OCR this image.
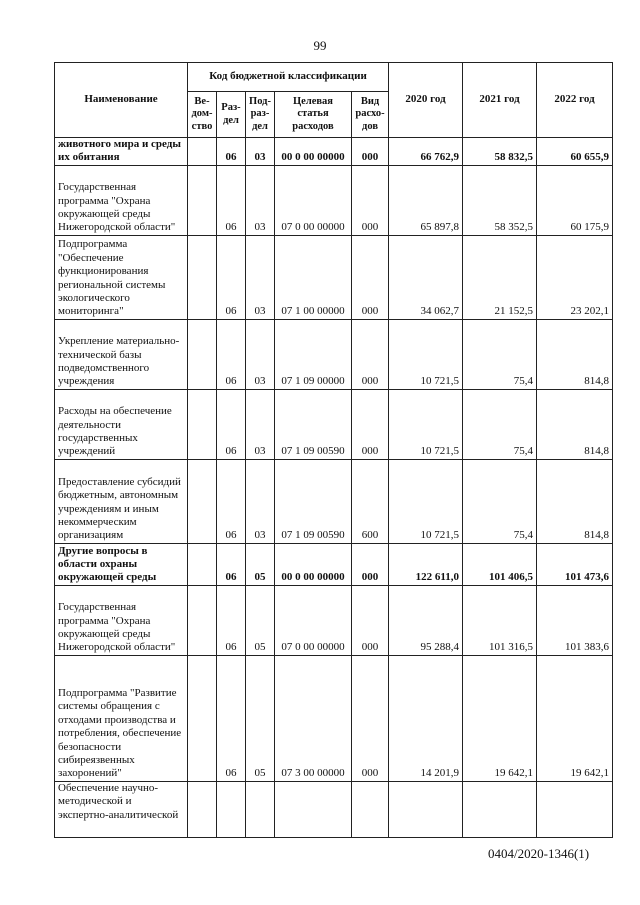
99
Наименование	Код бюджетной классификации					2020 год	2021 год	2022 год
	Ве-дом-ство	Раз-дел	Под-раз-дел	Целевая статья расходов	Вид расхо-дов			
животного мира и среды их обитания		06	03	00 0 00 00000	000	66 762,9	58 832,5	60 655,9
Государственная программа "Охрана окружающей среды Нижегородской области"		06	03	07 0 00 00000	000	65 897,8	58 352,5	60 175,9
Подпрограмма "Обеспечение функционирования региональной системы экологического мониторинга"		06	03	07 1 00 00000	000	34 062,7	21 152,5	23 202,1
Укрепление материально-технической базы подведомственного учреждения		06	03	07 1 09 00000	000	10 721,5	75,4	814,8
Расходы на обеспечение деятельности государственных учреждений		06	03	07 1 09 00590	000	10 721,5	75,4	814,8
Предоставление субсидий бюджетным, автономным учреждениям и иным некоммерческим организациям		06	03	07 1 09 00590	600	10 721,5	75,4	814,8
Другие вопросы в области охраны окружающей среды		06	05	00 0 00 00000	000	122 611,0	101 406,5	101 473,6
Государственная программа "Охрана окружающей среды Нижегородской области"		06	05	07 0 00 00000	000	95 288,4	101 316,5	101 383,6
Подпрограмма "Развитие системы обращения с отходами производства и потребления, обеспечение безопасности сибиреязвенных захоронений"		06	05	07 3 00 00000	000	14 201,9	19 642,1	19 642,1
Обеспечение научно-методической и экспертно-аналитической								
0404/2020-1346(1)
